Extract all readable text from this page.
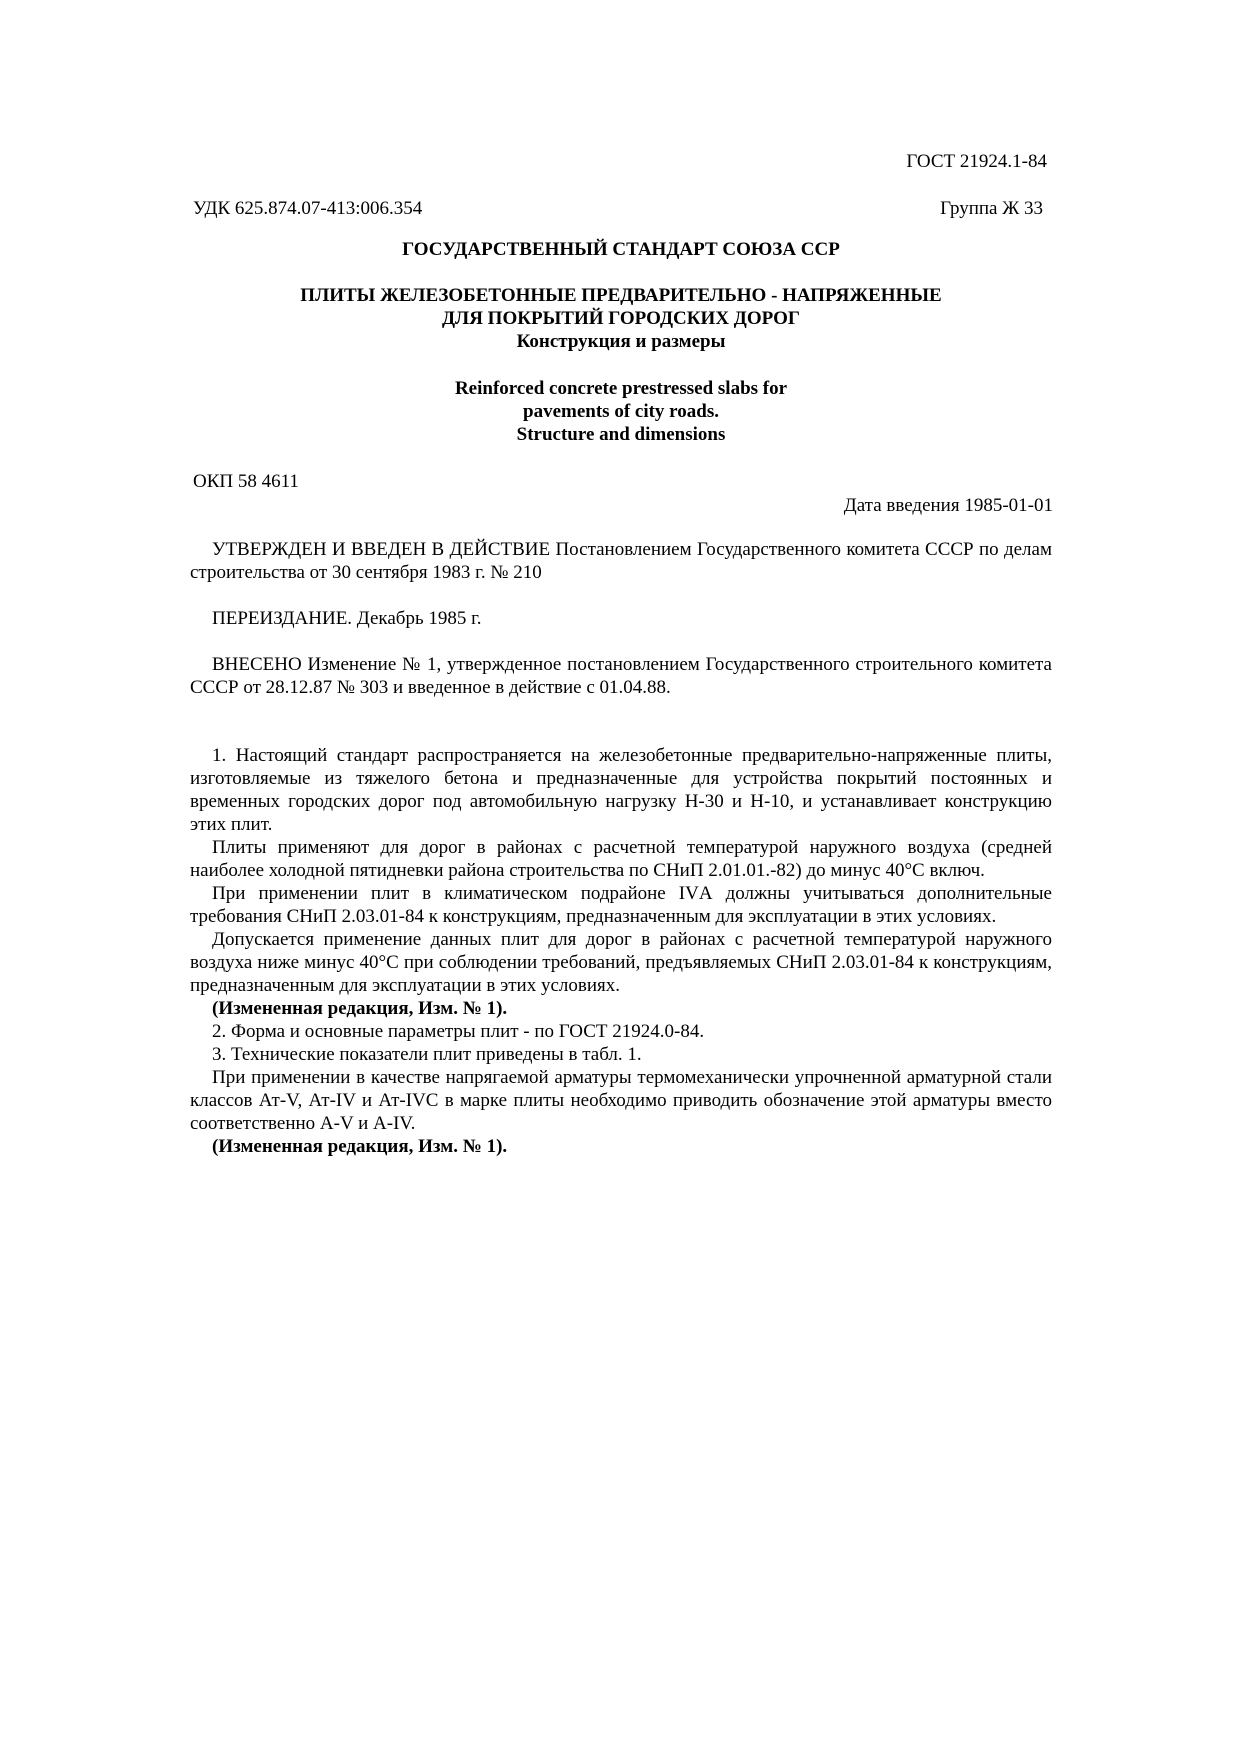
ГОСТ 21924.1-84
УДК 625.874.07-413:006.354	Группа Ж 33
ГОСУДАРСТВЕННЫЙ СТАНДАРТ СОЮЗА ССР
ПЛИТЫ ЖЕЛЕЗОБЕТОННЫЕ ПРЕДВАРИТЕЛЬНО - НАПРЯЖЕННЫЕ
ДЛЯ ПОКРЫТИЙ ГОРОДСКИХ ДОРОГ
Конструкция и размеры
Reinforced concrete prestressed slabs for
pavements of city roads.
Structure and dimensions
ОКП 58 4611
Дата введения 1985-01-01

УТВЕРЖДЕН И ВВЕДЕН В ДЕЙСТВИЕ Постановлением Государственного комитета СССР по делам строительства от 30 сентября 1983 г. № 210

ПЕРЕИЗДАНИЕ. Декабрь 1985 г.

ВНЕСЕНО Изменение № 1, утвержденное постановлением Государственного строительного комитета СССР от 28.12.87 № 303 и введенное в действие с 01.04.88.

1. Настоящий стандарт распространяется на железобетонные предварительно-напряженные плиты, изготовляемые из тяжелого бетона и предназначенные для устройства покрытий постоянных и временных городских дорог под автомобильную нагрузку Н-30 и Н-10, и устанавливает конструкцию этих плит.

Плиты применяют для дорог в районах с расчетной температурой наружного воздуха (средней наиболее холодной пятидневки района строительства по СНиП 2.01.01.-82) до минус 40°С включ.

При применении плит в климатическом подрайоне IVА должны учитываться дополнительные требования СНиП 2.03.01-84 к конструкциям, предназначенным для эксплуатации в этих условиях.

Допускается применение данных плит для дорог в районах с расчетной температурой наружного воздуха ниже минус 40°С при соблюдении требований, предъявляемых СНиП 2.03.01-84 к конструкциям, предназначенным для эксплуатации в этих условиях.

(Измененная редакция, Изм. № 1).

2. Форма и основные параметры плит - по ГОСТ 21924.0-84.

3. Технические показатели плит приведены в табл. 1.

При применении в качестве напрягаемой арматуры термомеханически упрочненной арматурной стали классов Ат-V, Ат-IV и Ат-IVС в марке плиты необходимо приводить обозначение этой арматуры вместо соответственно А-V и А-IV.

(Измененная редакция, Изм. № 1).
